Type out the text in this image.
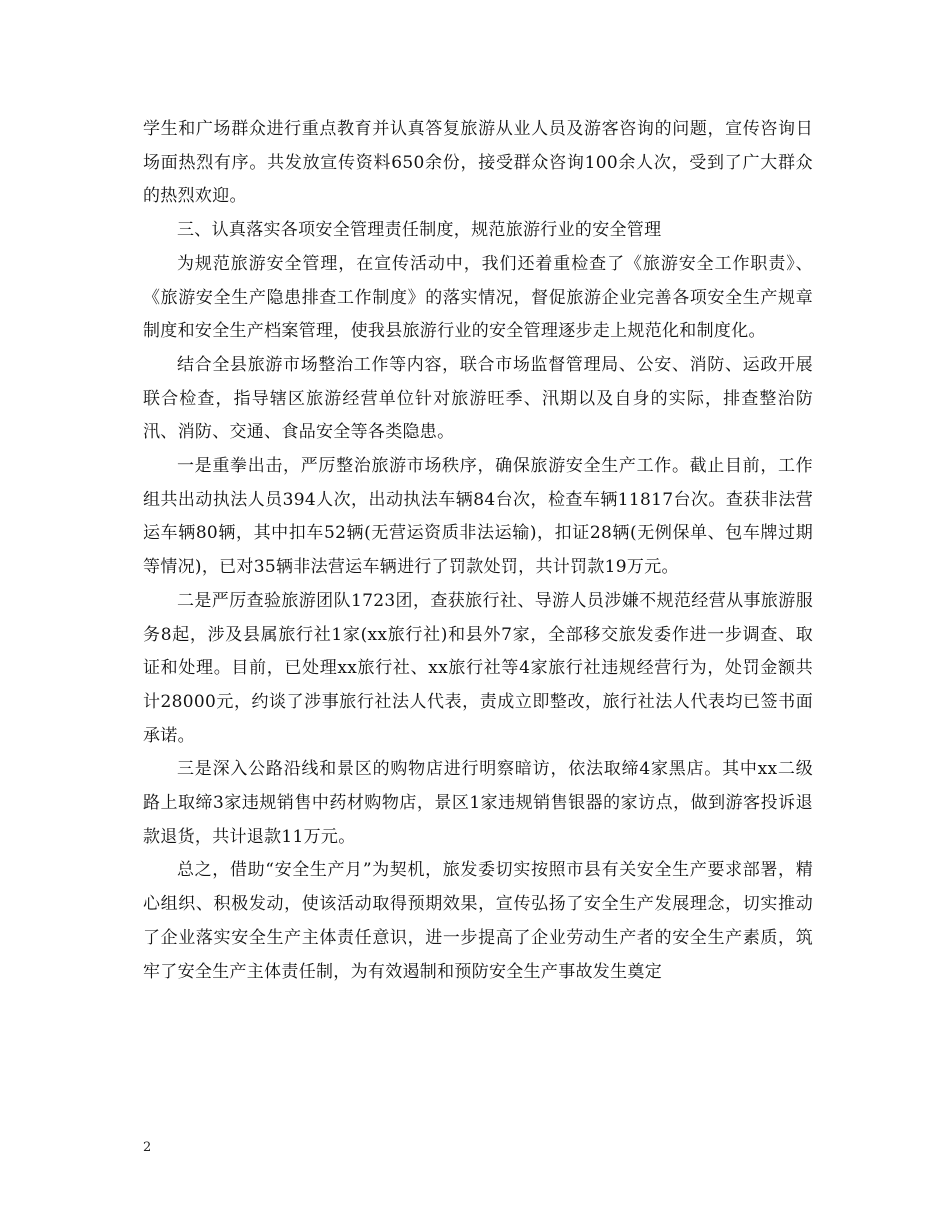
学生和广场群众进行重点教育并认真答复旅游从业人员及游客咨询的问题，宣传咨询日场面热烈有序。共发放宣传资料650余份，接受群众咨询100余人次，受到了广大群众的热烈欢迎。

三、认真落实各项安全管理责任制度，规范旅游行业的安全管理

为规范旅游安全管理，在宣传活动中，我们还着重检查了《旅游安全工作职责》、《旅游安全生产隐患排查工作制度》的落实情况，督促旅游企业完善各项安全生产规章制度和安全生产档案管理，使我县旅游行业的安全管理逐步走上规范化和制度化。

结合全县旅游市场整治工作等内容，联合市场监督管理局、公安、消防、运政开展联合检查，指导辖区旅游经营单位针对旅游旺季、汛期以及自身的实际，排查整治防汛、消防、交通、食品安全等各类隐患。

一是重拳出击，严厉整治旅游市场秩序，确保旅游安全生产工作。截止目前，工作组共出动执法人员394人次，出动执法车辆84台次，检查车辆11817台次。查获非法营运车辆80辆，其中扣车52辆(无营运资质非法运输)，扣证28辆(无例保单、包车牌过期等情况)，已对35辆非法营运车辆进行了罚款处罚，共计罚款19万元。

二是严厉查验旅游团队1723团，查获旅行社、导游人员涉嫌不规范经营从事旅游服务8起，涉及县属旅行社1家(xx旅行社)和县外7家，全部移交旅发委作进一步调查、取证和处理。目前，已处理xx旅行社、xx旅行社等4家旅行社违规经营行为，处罚金额共计28000元，约谈了涉事旅行社法人代表，责成立即整改，旅行社法人代表均已签书面承诺。

三是深入公路沿线和景区的购物店进行明察暗访，依法取缔4家黑店。其中xx二级路上取缔3家违规销售中药材购物店，景区1家违规销售银器的家访点，做到游客投诉退款退货，共计退款11万元。

总之，借助“安全生产月”为契机，旅发委切实按照市县有关安全生产要求部署，精心组织、积极发动，使该活动取得预期效果，宣传弘扬了安全生产发展理念，切实推动了企业落实安全生产主体责任意识，进一步提高了企业劳动生产者的安全生产素质，筑牢了安全生产主体责任制，为有效遏制和预防安全生产事故发生奠定

2
